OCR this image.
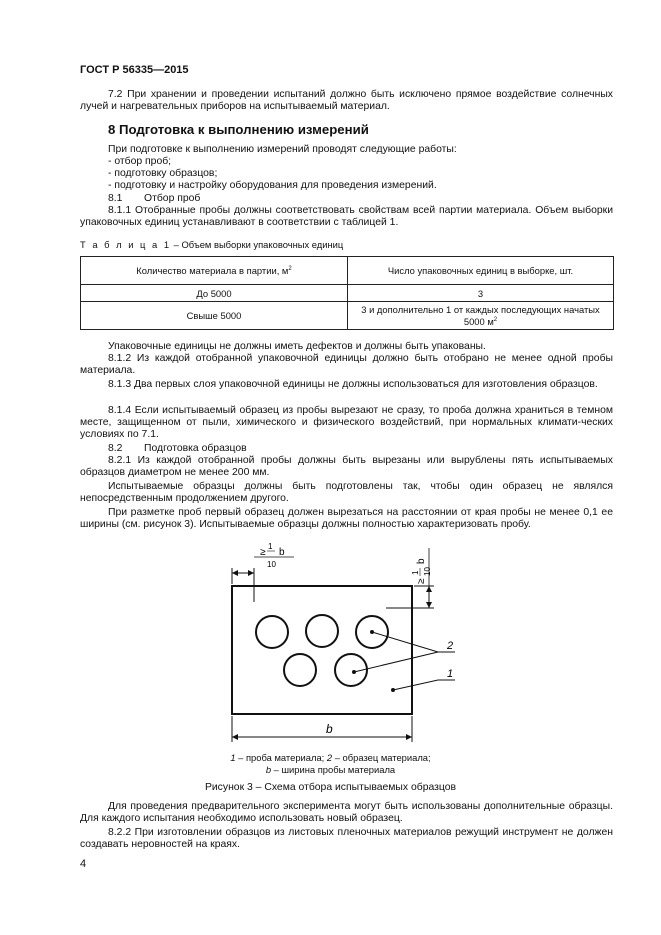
ГОСТ Р 56335—2015
7.2 При хранении и проведении испытаний должно быть исключено прямое воздействие солнечных лучей и нагревательных приборов на испытываемый материал.
8 Подготовка к выполнению измерений
При подготовке к выполнению измерений проводят следующие работы:
- отбор проб;
- подготовку образцов;
- подготовку и настройку оборудования для проведения измерений.
8.1 Отбор проб
8.1.1 Отобранные пробы должны соответствовать свойствам всей партии материала. Объем выборки упаковочных единиц устанавливают в соответствии с таблицей 1.
Т а б л и ц а 1 – Объем выборки упаковочных единиц
Количество материала в партии, $м^2$	Число упаковочных единиц в выборке, шт.
До 5000	3
Свыше 5000	3 и дополнительно 1 от каждых последующих начатых
5000 $м^2$
Упаковочные единицы не должны иметь дефектов и должны быть упакованы.
8.1.2 Из каждой отобранной упаковочной единицы должно быть отобрано не менее одной пробы материала.
8.1.3 Два первых слоя упаковочной единицы не должны использоваться для изготовления образцов.
8.1.4 Если испытываемый образец из пробы вырезают не сразу, то проба должна храниться в темном месте, защищенном от пыли, химического и физического воздействий, при нормальных климати-ческих условиях по 7.1.
8.2 Подготовка образцов
8.2.1 Из каждой отобранной пробы должны быть вырезаны или вырублены пять испытываемых образцов диаметром не менее 200 мм.
Испытываемые образцы должны быть подготовлены так, чтобы один образец не являлся непосредственным продолжением другого.
При разметке проб первый образец должен вырезаться на расстоянии от края пробы не менее 0,1 ее ширины (см. рисунок 3). Испытываемые образцы должны полностью характеризовать пробу.
≥
1
10
b
≥
1 10
b
2
1
b
1 – проба материала; 2 – образец материала;
b – ширина пробы материала
Рисунок 3 – Схема отбора испытываемых образцов
Для проведения предварительного эксперимента могут быть использованы дополнительные образцы. Для каждого испытания необходимо использовать новый образец.
8.2.2 При изготовлении образцов из листовых пленочных материалов режущий инструмент не должен создавать неровностей на краях.
4
